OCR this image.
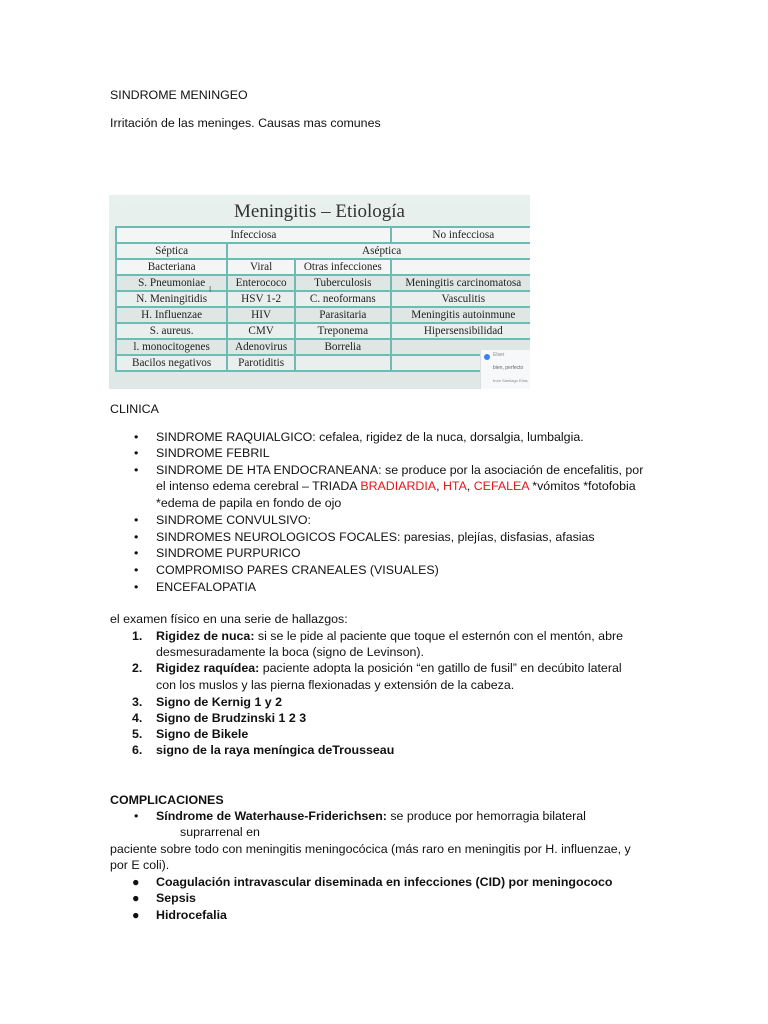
SINDROME MENINGEO
Irritación de las meninges. Causas mas comunes
Meningitis – Etiología
Infecciosa			No infecciosa
Séptica	Aséptica		
Bacteriana	Viral	Otras infecciones	
S. Pneumoniae	Enterococo	Tuberculosis	Meningitis carcinomatosa
N. Meningitidis	HSV 1-2	C. neoformans	Vasculitis
H. Influenzae	HIV	Parasitaria	Meningitis autoinmune
S. aureus.	CMV	Treponema	Hipersensibilidad
l. monocitogenes	Adenovirus	Borrelia	
Bacilos negativos	Parotiditis		
Elser
bien, perfecto
from Santiago Elias
I
CLINICA
• SINDROME RAQUIALGICO: cefalea, rigidez de la nuca, dorsalgia, lumbalgia.
• SINDROME FEBRIL
• SINDROME DE HTA ENDOCRANEANA: se produce por la asociación de encefalitis, por
el intenso edema cerebral – TRIADA BRADIARDIA, HTA, CEFALEA *vómitos *fotofobia
*edema de papila en fondo de ojo
• SINDROME CONVULSIVO:
• SINDROMES NEUROLOGICOS FOCALES: paresias, plejías, disfasias, afasias
• SINDROME PURPURICO
• COMPROMISO PARES CRANEALES (VISUALES)
• ENCEFALOPATIA
el examen físico en una serie de hallazgos:
1. Rigidez de nuca: si se le pide al paciente que toque el esternón con el mentón, abre
desmesuradamente la boca (signo de Levinson).
2. Rigidez raquídea: paciente adopta la posición “en gatillo de fusil” en decúbito lateral
con los muslos y las pierna flexionadas y extensión de la cabeza.
3. Signo de Kernig 1 y 2
4. Signo de Brudzinski 1 2 3
5. Signo de Bikele
6. signo de la raya meníngica deTrousseau
COMPLICACIONES
• Síndrome de Waterhause-Friderichsen: se produce por hemorragia bilateral
suprarrenal en
paciente sobre todo con meningitis meningocócica (más raro en meningitis por H. influenzae, y
por E coli).
● Coagulación intravascular diseminada en infecciones (CID) por meningococo
● Sepsis
● Hidrocefalia
